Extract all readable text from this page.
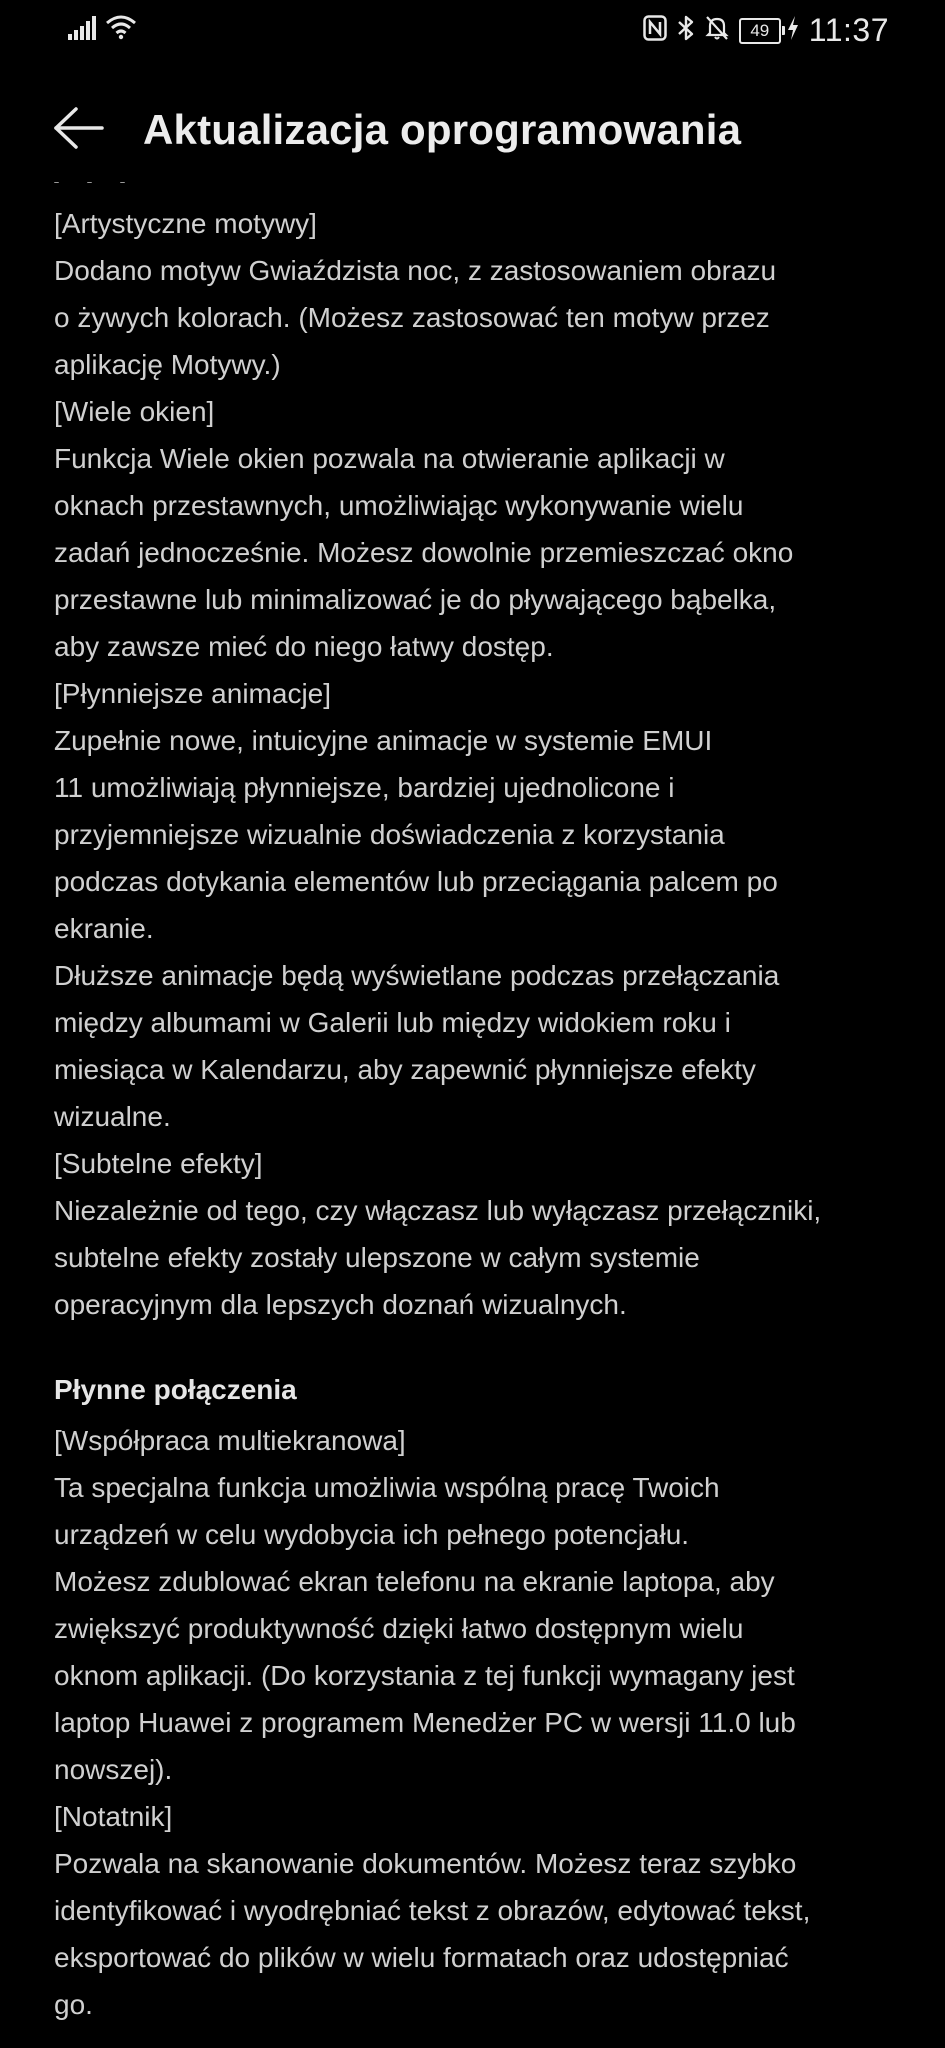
49	11:37
Aktualizacja oprogramowania
[Artystyczne motywy]
Dodano motyw Gwiaździsta noc, z zastosowaniem obrazu
o żywych kolorach. (Możesz zastosować ten motyw przez
aplikację Motywy.)
[Wiele okien]
Funkcja Wiele okien pozwala na otwieranie aplikacji w
oknach przestawnych, umożliwiając wykonywanie wielu
zadań jednocześnie. Możesz dowolnie przemieszczać okno
przestawne lub minimalizować je do pływającego bąbelka,
aby zawsze mieć do niego łatwy dostęp.
[Płynniejsze animacje]
Zupełnie nowe, intuicyjne animacje w systemie EMUI
11 umożliwiają płynniejsze, bardziej ujednolicone i
przyjemniejsze wizualnie doświadczenia z korzystania
podczas dotykania elementów lub przeciągania palcem po
ekranie.
Dłuższe animacje będą wyświetlane podczas przełączania
między albumami w Galerii lub między widokiem roku i
miesiąca w Kalendarzu, aby zapewnić płynniejsze efekty
wizualne.
[Subtelne efekty]
Niezależnie od tego, czy włączasz lub wyłączasz przełączniki,
subtelne efekty zostały ulepszone w całym systemie
operacyjnym dla lepszych doznań wizualnych.
Płynne połączenia
[Współpraca multiekranowa]
Ta specjalna funkcja umożliwia wspólną pracę Twoich
urządzeń w celu wydobycia ich pełnego potencjału.
Możesz zdublować ekran telefonu na ekranie laptopa, aby
zwiększyć produktywność dzięki łatwo dostępnym wielu
oknom aplikacji. (Do korzystania z tej funkcji wymagany jest
laptop Huawei z programem Menedżer PC w wersji 11.0 lub
nowszej).
[Notatnik]
Pozwala na skanowanie dokumentów. Możesz teraz szybko
identyfikować i wyodrębniać tekst z obrazów, edytować tekst,
eksportować do plików w wielu formatach oraz udostępniać
go.
